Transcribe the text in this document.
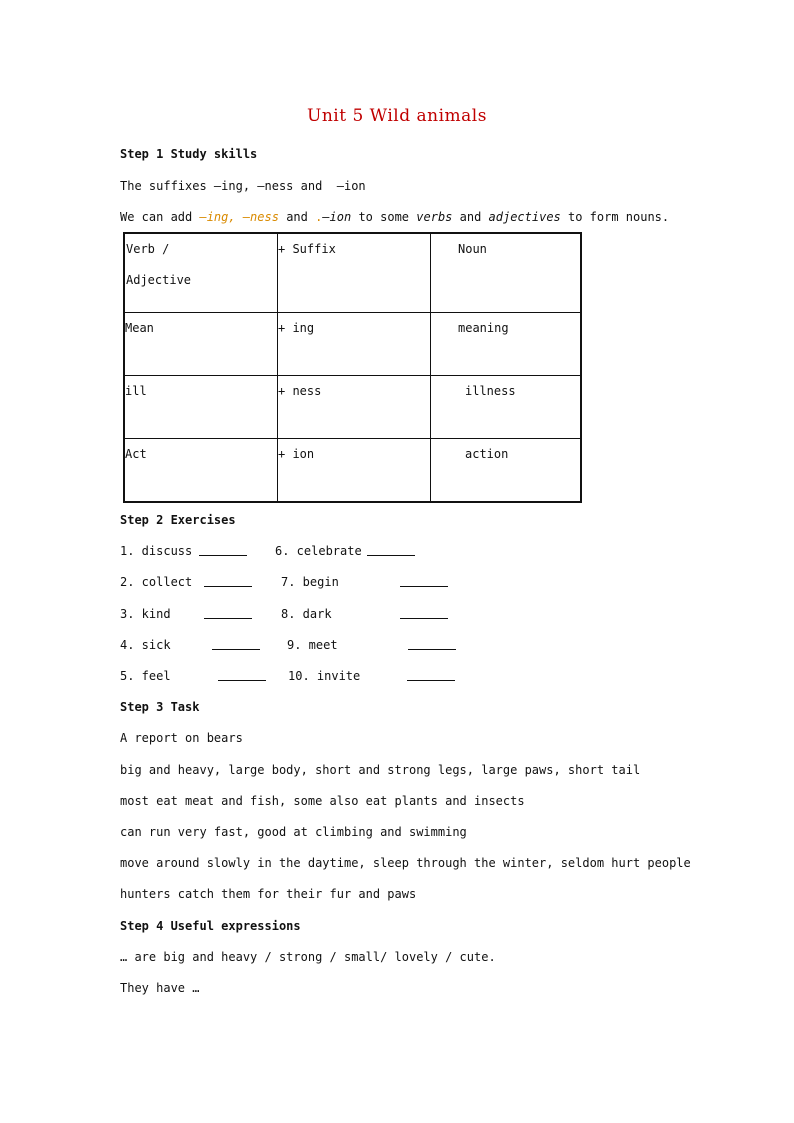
Unit 5 Wild animals
Step 1 Study skills
The suffixes –ing, –ness and  –ion
We can add –ing, –ness and .–ion to some verbs and adjectives to form nouns.
Verb /
Adjective	+ Suffix	Noun

Mean	+ ing	meaning

ill	+ ness	illness

Act	+ ion	action
Step 2 Exercises
1. discuss	6. celebrate
2. collect	7. begin
3. kind	8. dark
4. sick	9. meet
5. feel	10. invite
Step 3 Task
A report on bears
big and heavy, large body, short and strong legs, large paws, short tail
most eat meat and fish, some also eat plants and insects
can run very fast, good at climbing and swimming
move around slowly in the daytime, sleep through the winter, seldom hurt people
hunters catch them for their fur and paws
Step 4 Useful expressions
… are big and heavy / strong / small/ lovely / cute.
They have …
